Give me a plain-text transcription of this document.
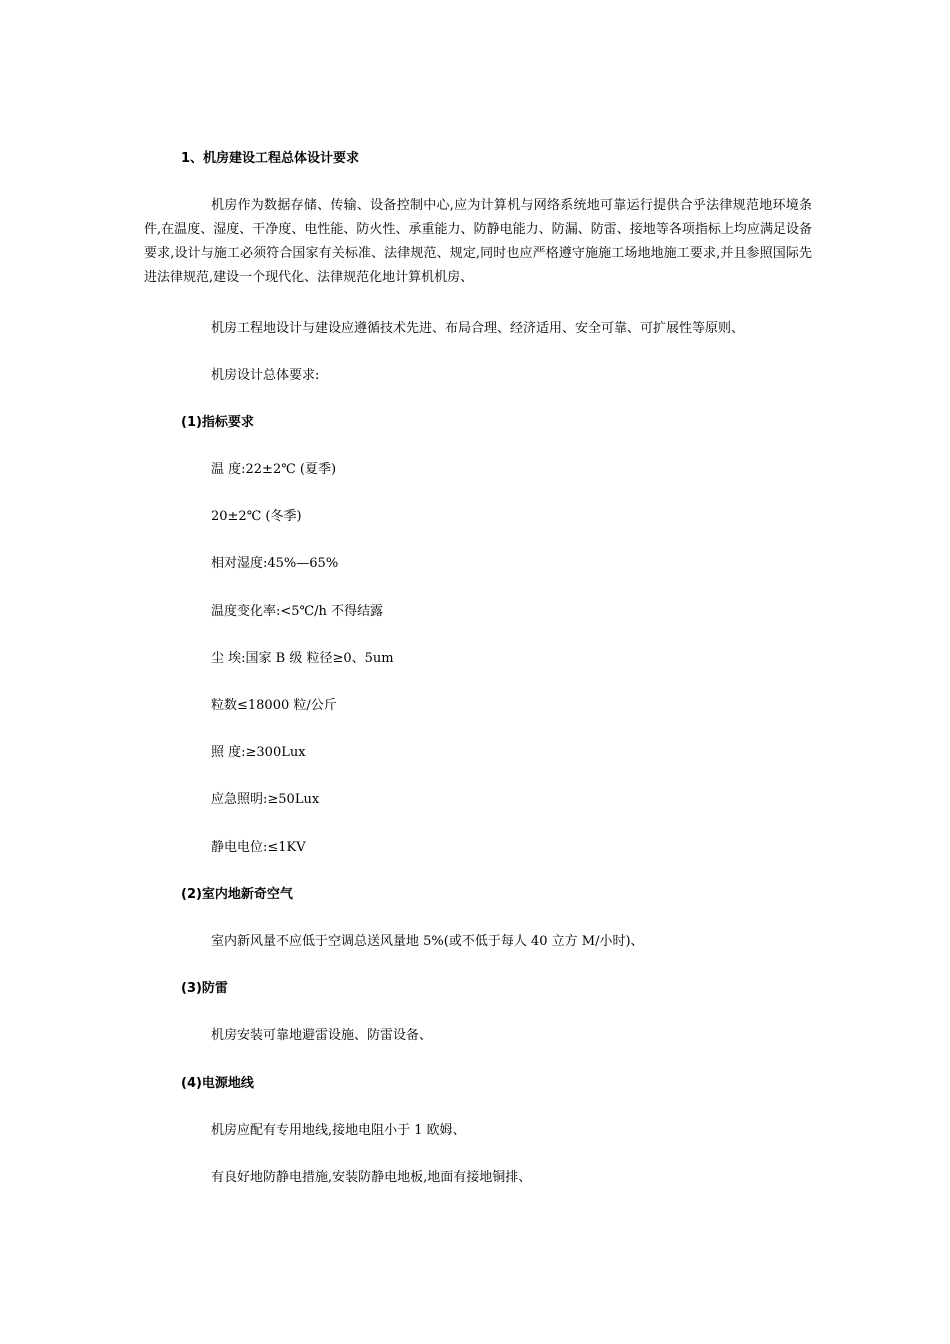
1、机房建设工程总体设计要求
机房作为数据存储、传输、设备控制中心,应为计算机与网络系统地可靠运行提供合乎法律规范地环境条件,在温度、湿度、干净度、电性能、防火性、承重能力、防静电能力、防漏、防雷、接地等各项指标上均应满足设备要求,设计与施工必须符合国家有关标准、法律规范、规定,同时也应严格遵守施施工场地地施工要求,并且参照国际先进法律规范,建设一个现代化、法律规范化地计算机机房、
机房工程地设计与建设应遵循技术先进、布局合理、经济适用、安全可靠、可扩展性等原则、
机房设计总体要求:
(1)指标要求
温 度:22±2℃ (夏季)
20±2℃ (冬季)
相对湿度:45%—65%
温度变化率:<5℃/h 不得结露
尘 埃:国家 B 级 粒径≥0、5um
粒数≤18000 粒/公斤
照 度:≥300Lux
应急照明:≥50Lux
静电电位:≤1KV
(2)室内地新奇空气
室内新风量不应低于空调总送风量地 5%(或不低于每人 40 立方 M/小时)、
(3)防雷
机房安装可靠地避雷设施、防雷设备、
(4)电源地线
机房应配有专用地线,接地电阻小于 1 欧姆、
有良好地防静电措施,安装防静电地板,地面有接地铜排、
